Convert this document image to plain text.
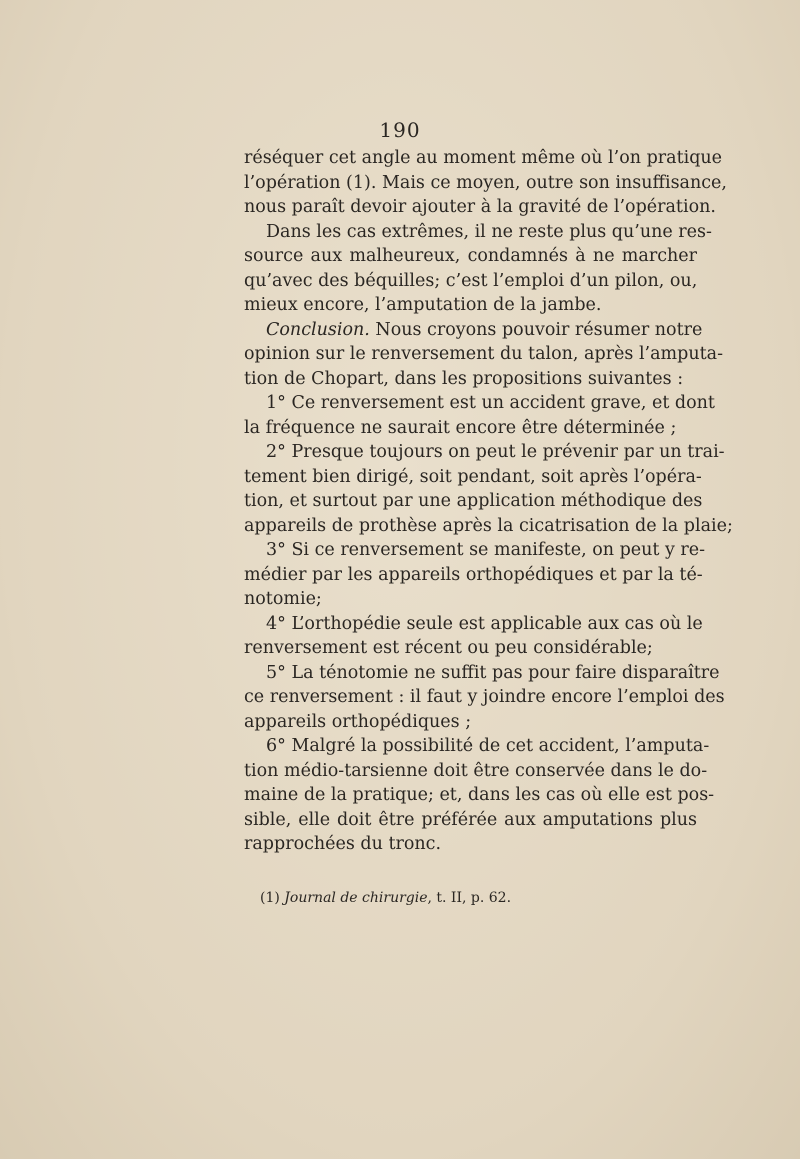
190
réséquer cet angle au moment même où l’on pratique
l’opération (1). Mais ce moyen, outre son insuffisance,
nous paraît devoir ajouter à la gravité de l’opération.
Dans les cas extrêmes, il ne reste plus qu’une res-
source aux malheureux, condamnés à ne marcher
qu’avec des béquilles; c’est l’emploi d’un pilon, ou,
mieux encore, l’amputation de la jambe.
Conclusion. Nous croyons pouvoir résumer notre
opinion sur le renversement du talon, après l’amputa-
tion de Chopart, dans les propositions suivantes :
1° Ce renversement est un accident grave, et dont
la fréquence ne saurait encore être déterminée ;
2° Presque toujours on peut le prévenir par un trai-
tement bien dirigé, soit pendant, soit après l’opéra-
tion, et surtout par une application méthodique des
appareils de prothèse après la cicatrisation de la plaie;
3° Si ce renversement se manifeste, on peut y re-
médier par les appareils orthopédiques et par la té-
notomie;
4° L’orthopédie seule est applicable aux cas où le
renversement est récent ou peu considérable;
5° La ténotomie ne suffit pas pour faire disparaître
ce renversement : il faut y joindre encore l’emploi des
appareils orthopédiques ;
6° Malgré la possibilité de cet accident, l’amputa-
tion médio-tarsienne doit être conservée dans le do-
maine de la pratique; et, dans les cas où elle est pos-
sible, elle doit être préférée aux amputations plus
rapprochées du tronc.
(1) Journal de chirurgie, t. II, p. 62.
